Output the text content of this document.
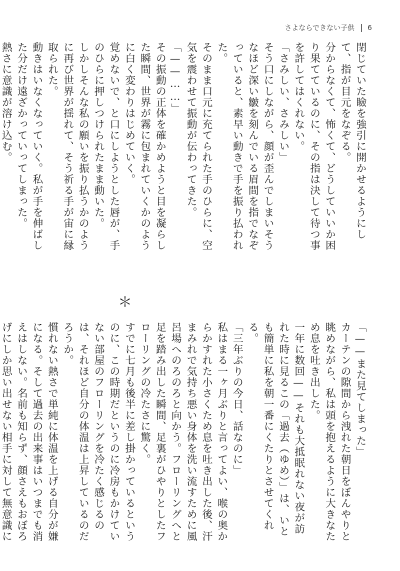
さよならできない子供 6

閉じていた瞼を強引に開かせるようにして、指が目元をなぞる。

分からなくて、怖くて、どうしていいか困り果てているのに、その指は決して待つ事を許してはくれない。

「さみしい、さみしい」

そう口にしながら、顔が歪んでしまいそうなほど深い皺を刻んでいる眉間を指でなぞっていると、素早い動きで手を振り払われた。

そのまま口元に充てられた手のひらに、空気を震わせて振動が伝わってきた。

「——……」

その振動の正体を確かめようと目を凝らした瞬間、世界が霧に包まれていくかのように白く変わりはじめていく。

覚めないで、と口にしようとした唇が、手のひらに押しつけられたまま動いた。

しかしそんな私の願いを振り払うかのように再び世界が揺れて、そう祈る手が宙に縁取られた。

動きはいなくなっていく。私が手を伸ばした分だけ遠ざかっていってしまった。

熱さに意識が溶け込む。

＊

「——また見てしまった」

カーテンの隙間から洩れた朝日をぼんやりと眺めながら、私は頭を抱えるように大きなため息を吐き出した。

一年に数回——それも大抵眠れない夜が訪れた時に見るこの「過去（ゆめ）」は、いとも簡単に私を朝一番にくたりとさせてくれる。

「三年ぶりの今日、話なのに」

私はまる一ヶ月ぶりと言ってよい、喉の奥からかすれた小さくため息を吐き出した後、汗まみれで気持ち悪い身体を洗い流すために風呂場へのろのろと向かう。フローリングへと足を踏み出した瞬間、足裏がひやりとしたフローリングの冷たさに驚く。

すでに七月も後半に差し掛かっているというのに、この時期だというのに冷房もかけていない部屋のフローリングを冷たく感じるのは、それほど自分の体温は上昇しているのだろうか。

慣れない熱さで単純に体温を上げる自分が嫌になる。そして過去の出来事はいつまでも消えはしない。名前も知らず、顔さえもおぼろげにしか思い出せない相手に対して無意識に
